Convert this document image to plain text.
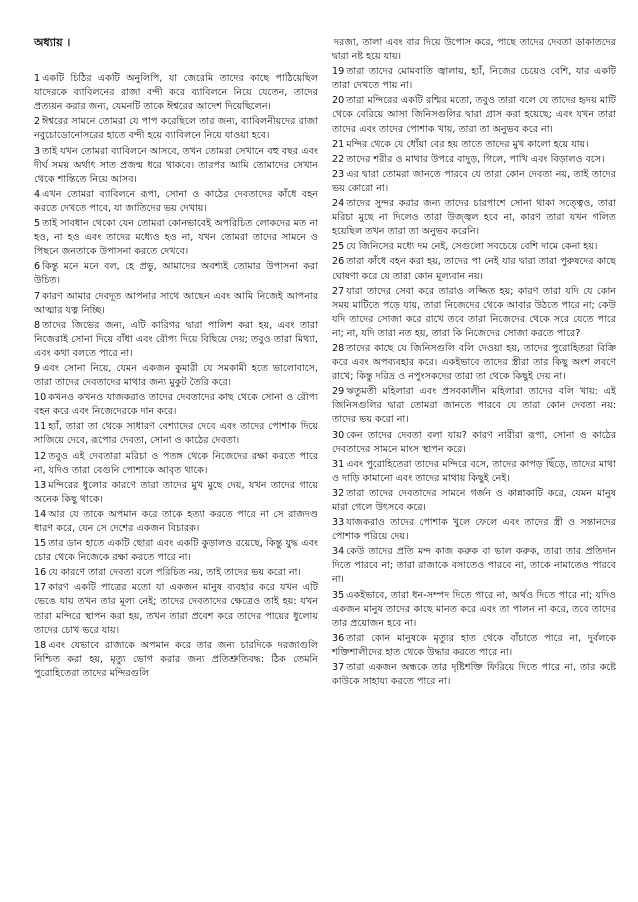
অধ্যায় ।
1 একটি চিঠির একটি অনুলিপি, যা জেরেমি তাদের কাছে পাঠিয়েছিল যাদেরকে ব্যাবিলনের রাজা বন্দী করে ব্যাবিলনে নিয়ে যেতেন, তাদের প্রত্যয়ন করার জন্য, যেমনটি তাকে ঈশ্বরের আদেশ দিয়েছিলেন।
2 ঈশ্বরের সামনে তোমরা যে পাপ করেছিলে তার জন্য, ব্যাবিলনীয়দের রাজা নবুচোডোনোসরের হাতে বন্দী হয়ে ব্যাবিলনে নিয়ে যাওয়া হবে।
3 তাই যখন তোমরা ব্যাবিলনে আসবে, তখন তোমরা সেখানে বহু বছর এবং দীর্ঘ সময় অর্থাৎ সাত প্রজন্ম ধরে থাকবে। তারপর আমি তোমাদের সেখান থেকে শান্তিতে নিয়ে আসব।
4 এখন তোমরা ব্যাবিলনে রূপা, সোনা ও কাঠের দেবতাদের কাঁধে বহন করতে দেখতে পাবে, যা জাতিদের ভয় দেখায়।
5 তাই সাবধান থেকো যেন তোমরা কোনভাবেই অপরিচিত লোকদের মত না হও, না হও এবং তাদের মধ্যেও হও না, যখন তোমরা তাদের সামনে ও পিছনে জনতাকে উপাসনা করতে দেখবে।
6 কিন্তু মনে মনে বল, হে প্রভু, আমাদের অবশ্যই তোমার উপাসনা করা উচিত।
7 কারণ আমার দেবদূত আপনার সাথে আছেন এবং আমি নিজেই আপনার আত্মার যত্ন নিচ্ছি।
8 তাদের জিভের জন্য, এটি কারিগর দ্বারা পালিশ করা হয়, এবং তারা নিজেরাই সোনা দিয়ে বাঁধা এবং রৌপ্য দিয়ে বিছিয়ে দেয়; তবুও তারা মিথ্যা, এবং কথা বলতে পারে না।
9 এবং সোনা নিয়ে, যেমন একজন কুমারী যে সমকামী হতে ভালোবাসে, তারা তাদের দেবতাদের মাথার জন্য মুকুট তৈরি করে।
10 কখনও কখনও যাজকরাও তাদের দেবতাদের কাছ থেকে সোনা ও রৌপ্য বহন করে এবং নিজেদেরকে দান করে।
11 হ্যাঁ, তারা তা থেকে সাধারণ বেশ্যাদের দেবে এবং তাদের পোশাক দিয়ে সাজিয়ে দেবে, রূপোর দেবতা, সোনা ও কাঠের দেবতা।
12 তবুও এই দেবতারা মরিচা ও পতঙ্গ থেকে নিজেদের রক্ষা করতে পারে না, যদিও তারা বেগুনি পোশাকে আবৃত থাকে।
13 মন্দিরের ধুলোর কারণে তারা তাদের মুখ মুছে দেয়, যখন তাদের গায়ে অনেক কিছু থাকে।
14 আর যে তাকে অপমান করে তাকে হত্যা করতে পারে না সে রাজদণ্ড ধারণ করে, যেন সে দেশের একজন বিচারক।
15 তার ডান হাতে একটি ছোরা এবং একটি কুড়ালও রয়েছে, কিন্তু যুদ্ধ এবং চোর থেকে নিজেকে রক্ষা করতে পারে না।
16 যে কারণে তারা দেবতা বলে পরিচিত নয়, তাই তাদের ভয় করো না।
17 কারণ একটি পাত্রের মতো যা একজন মানুষ ব্যবহার করে যখন এটি ভেঙে যায় তখন তার মূল্য নেই; তাদের দেবতাদের ক্ষেত্রেও তাই হয়: যখন তারা মন্দিরে স্থাপন করা হয়, তখন তারা প্রবেশ করে তাদের পায়ের ধুলোয় তাদের চোখ ভরে যায়।
18 এবং যেভাবে রাজাকে অপমান করে তার জন্য চারদিকে দরজাগুলি নিশ্চিত করা হয়, মৃত্যু ভোগ করার জন্য প্রতিশ্রুতিবদ্ধ: ঠিক তেমনি পুরোহিতেরা তাদের মন্দিরগুলি
দরজা, তালা এবং বার দিয়ে উপোস করে, পাছে তাদের দেবতা ডাকাতদের দ্বারা নষ্ট হয়ে যায়।
19 তারা তাদের মোমবাতি জ্বালায়, হ্যাঁ, নিজের চেয়েও বেশি, যার একটি তারা দেখতে পায় না।
20 তারা মন্দিরের একটি রশ্মির মতো, তবুও তারা বলে যে তাদের হৃদয় মাটি থেকে বেরিয়ে আসা জিনিসগুলির দ্বারা গ্রাস করা হয়েছে; এবং যখন তারা তাদের এবং তাদের পোশাক খায়, তারা তা অনুভব করে না।
21 মন্দির থেকে যে ধোঁয়া বের হয় তাতে তাদের মুখ কালো হয়ে যায়।
22 তাদের শরীর ও মাথার উপরে বাদুড়, গিলে, পাখি এবং বিড়ালও বসে।
23 এর দ্বারা তোমরা জানতে পারবে যে তারা কোন দেবতা নয়, তাই তাদের ভয় কোরো না।
24 তাদের সুন্দর করার জন্য তাদের চারপাশে সোনা থাকা সত্ত্বেও, তারা মরিচা মুছে না দিলেও তারা উজ্জ্বল হবে না, কারণ তারা যখন গলিত হয়েছিল তখন তারা তা অনুভব করেনি।
25 যে জিনিসের মধ্যে দম নেই, সেগুলো সবচেয়ে বেশি দামে কেনা হয়।
26 তারা কাঁধে বহন করা হয়, তাদের পা নেই যার দ্বারা তারা পুরুষদের কাছে ঘোষণা করে যে তারা কোন মূল্যবান নয়।
27 যারা তাদের সেবা করে তারাও লজ্জিত হয়; কারণ তারা যদি যে কোন সময় মাটিতে পড়ে যায়, তারা নিজেদের থেকে আবার উঠতে পারে না; কেউ যদি তাদের সোজা করে রাখে তবে তারা নিজেদের থেকে সরে যেতে পারে না; না, যদি তারা নত হয়, তারা কি নিজেদের সোজা করতে পারে?
28 তাদের কাছে যে জিনিসগুলি বলি দেওয়া হয়, তাদের পুরোহিতরা বিক্রি করে এবং অপব্যবহার করে। একইভাবে তাদের স্ত্রীরা তার কিছু অংশ লবণে রাখে; কিন্তু দরিদ্র ও নপুংসকদের তারা তা থেকে কিছুই দেয় না।
29 ঋতুমতী মহিলারা এবং প্রসবকালীন মহিলারা তাদের বলি খায়: এই জিনিসগুলির দ্বারা তোমরা জানতে পারবে যে তারা কোন দেবতা নয়: তাদের ভয় করো না।
30 কেন তাদের দেবতা বলা যায়? কারণ নারীরা রূপা, সোনা ও কাঠের দেবতাদের সামনে মাংস স্থাপন করে।
31 এবং পুরোহিতেরা তাদের মন্দিরে বসে, তাদের কাপড় ছিঁড়ে, তাদের মাথা ও দাড়ি কামানো এবং তাদের মাথায় কিছুই নেই।
32 তারা তাদের দেবতাদের সামনে গর্জন ও কান্নাকাটি করে, যেমন মানুষ মারা গেলে উৎসবে করে।
33 যাজকরাও তাদের পোশাক খুলে ফেলে এবং তাদের স্ত্রী ও সন্তানদের পোশাক পরিয়ে দেয়।
34 কেউ তাদের প্রতি মন্দ কাজ করুক বা ভাল করুক, তারা তার প্রতিদান দিতে পারবে না; তারা রাজাকে বসাতেও পারবে না, তাকে নামাতেও পারবে না।
35 একইভাবে, তারা ধন-সম্পদ দিতে পারে না, অর্থও দিতে পারে না; যদিও একজন মানুষ তাদের কাছে মানত করে এবং তা পালন না করে, তবে তাদের তার প্রয়োজন হবে না।
36 তারা কোন মানুষকে মৃত্যুর হাত থেকে বাঁচাতে পারে না, দুর্বলকে শক্তিশালীদের হাত থেকে উদ্ধার করতে পারে না।
37 তারা একজন অন্ধকে তার দৃষ্টিশক্তি ফিরিয়ে দিতে পারে না, তার কষ্টে কাউকে সাহায্য করতে পারে না।
